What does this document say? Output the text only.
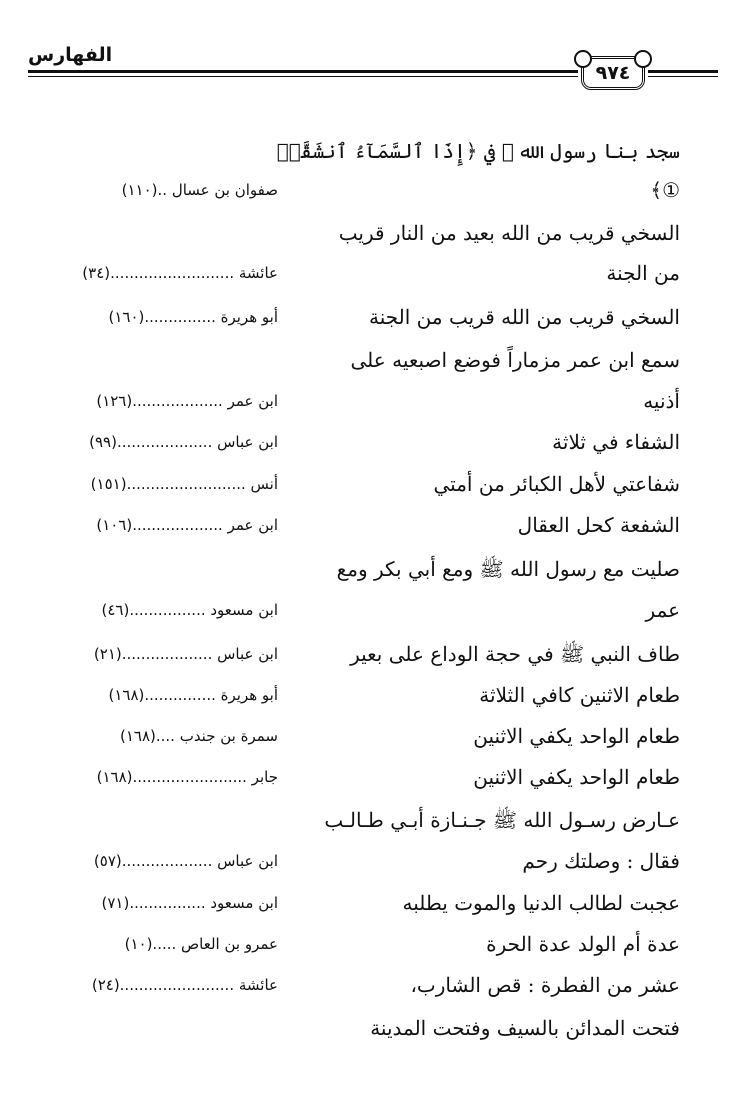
الفهارس
٩٧٤
سجد بنا رسول الله ﷺ في ﴿إِذَا ٱلسَّمَآءُ ٱنشَقَّتۡ
①﴾
صفوان بن عسال ..(١١٠)
السخي قريب من الله بعيد من النار قريب
من الجنة
عائشة ..........................(٣٤)
السخي قريب من الله قريب من الجنة
أبو هريرة ...............(١٦٠)
سمع ابن عمر مزماراً فوضع اصبعيه على
أذنيه
ابن عمر ...................(١٢٦)
الشفاء في ثلاثة
ابن عباس ....................(٩٩)
شفاعتي لأهل الكبائر من أمتي
أنس .........................(١٥١)
الشفعة كحل العقال
ابن عمر ...................(١٠٦)
صليت مع رسول الله ﷺ ومع أبي بكر ومع
عمر
ابن مسعود ................(٤٦)
طاف النبي ﷺ في حجة الوداع على بعير
ابن عباس ...................(٢١)
طعام الاثنين كافي الثلاثة
أبو هريرة ...............(١٦٨)
طعام الواحد يكفي الاثنين
سمرة بن جندب ....(١٦٨)
طعام الواحد يكفي الاثنين
جابر ........................(١٦٨)
عـارض رسـول الله ﷺ جـنـازة أبـي طـالـب
فقال : وصلتك رحم
ابن عباس ...................(٥٧)
عجبت لطالب الدنيا والموت يطلبه
ابن مسعود ................(٧١)
عدة أم الولد عدة الحرة
عمرو بن العاص .....(١٠)
عشر من الفطرة : قص الشارب،
عائشة ........................(٢٤)
فتحت المدائن بالسيف وفتحت المدينة
